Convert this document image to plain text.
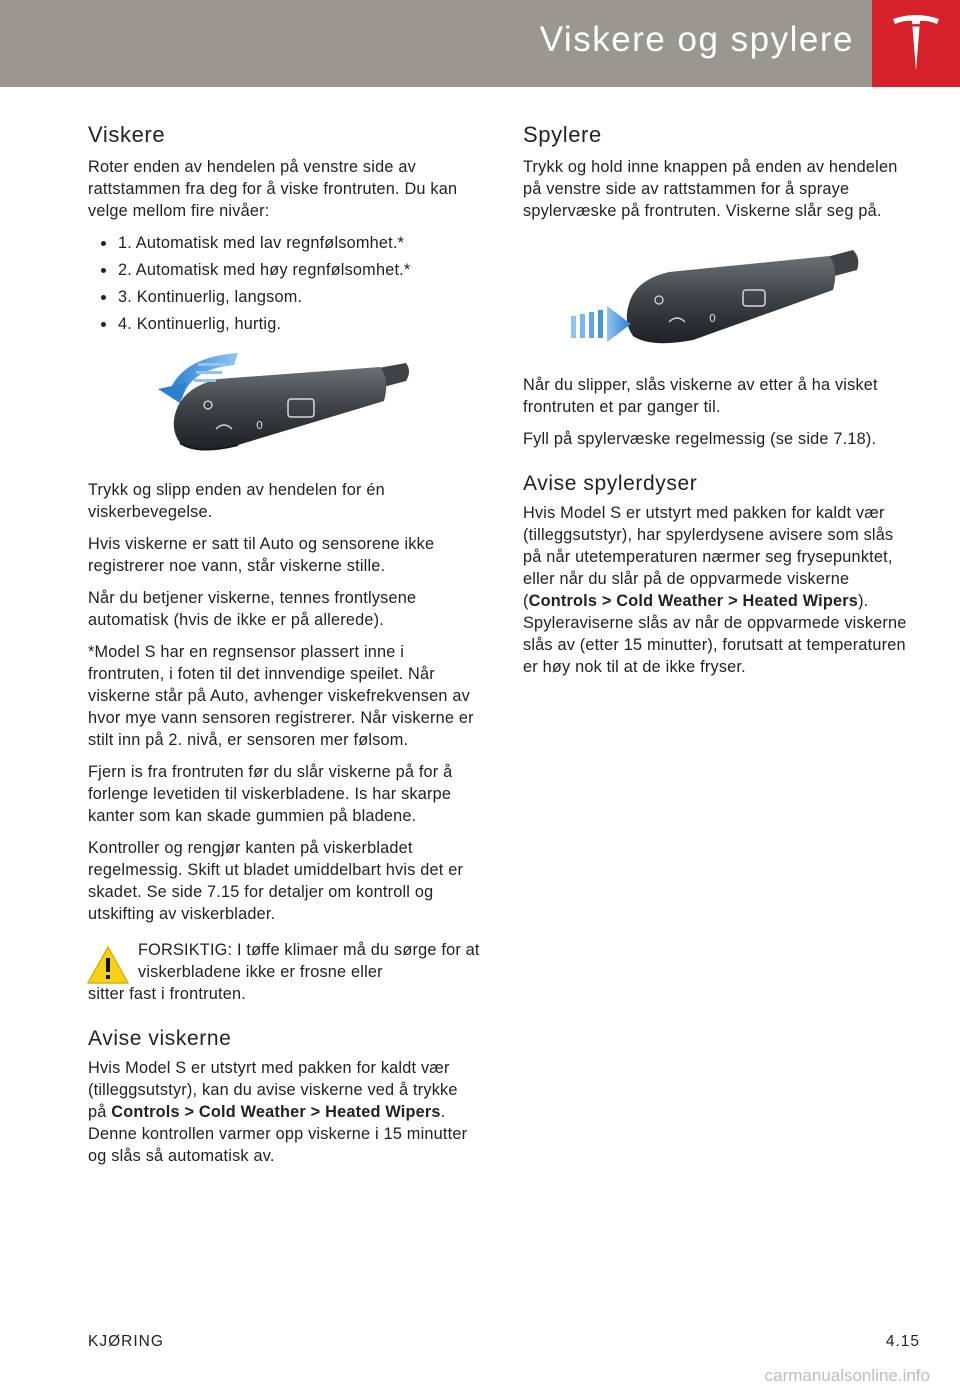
Viskere og spylere
Viskere

Roter enden av hendelen på venstre side av rattstammen fra deg for å viske frontruten. Du kan velge mellom fire nivåer:

1. Automatisk med lav regnfølsomhet.*
2. Automatisk med høy regnfølsomhet.*
3. Kontinuerlig, langsom.
4. Kontinuerlig, hurtig.
0

Trykk og slipp enden av hendelen for én viskerbevegelse.

Hvis viskerne er satt til Auto og sensorene ikke registrerer noe vann, står viskerne stille.

Når du betjener viskerne, tennes frontlysene automatisk (hvis de ikke er på allerede).

*Model S har en regnsensor plassert inne i frontruten, i foten til det innvendige speilet. Når viskerne står på Auto, avhenger viskefrekvensen av hvor mye vann sensoren registrerer. Når viskerne er stilt inn på 2. nivå, er sensoren mer følsom.

Fjern is fra frontruten før du slår viskerne på for å forlenge levetiden til viskerbladene. Is har skarpe kanter som kan skade gummien på bladene.

Kontroller og rengjør kanten på viskerbladet regelmessig. Skift ut bladet umiddelbart hvis det er skadet. Se side 7.15 for detaljer om kontroll og utskifting av viskerblader.

FORSIKTIG: I tøffe klimaer må du sørge for at viskerbladene ikke er frosne eller

sitter fast i frontruten.

Avise viskerne

Hvis Model S er utstyrt med pakken for kaldt vær (tilleggsutstyr), kan du avise viskerne ved å trykke på Controls > Cold Weather > Heated Wipers. Denne kontrollen varmer opp viskerne i 15 minutter og slås så automatisk av.

Spylere

Trykk og hold inne knappen på enden av hendelen på venstre side av rattstammen for å spraye spylervæske på frontruten. Viskerne slår seg på.

0

Når du slipper, slås viskerne av etter å ha visket frontruten et par ganger til.

Fyll på spylervæske regelmessig (se side 7.18).

Avise spylerdyser

Hvis Model S er utstyrt med pakken for kaldt vær (tilleggsutstyr), har spylerdysene avisere som slås på når utetemperaturen nærmer seg frysepunktet, eller når du slår på de oppvarmede viskerne (Controls > Cold Weather > Heated Wipers). Spyleraviserne slås av når de oppvarmede viskerne slås av (etter 15 minutter), forutsatt at temperaturen er høy nok til at de ikke fryser.

KJØRING	4.15
carmanualsonline.info
